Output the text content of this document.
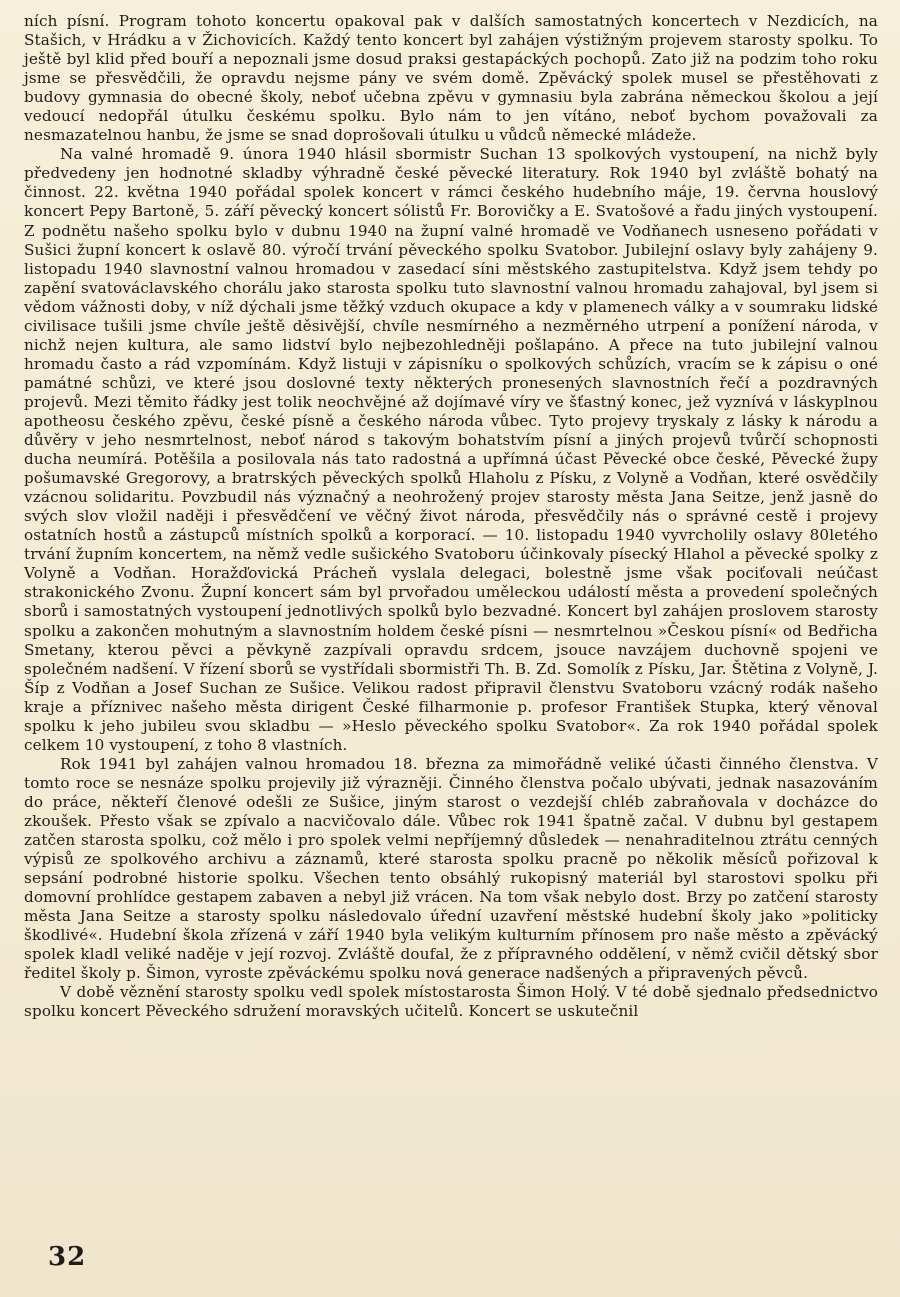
ních písní. Program tohoto koncertu opakoval pak v dalších samostatných koncertech v Nezdicích, na Stašich, v Hrádku a v Žichovicích. Každý tento koncert byl zahájen výstižným projevem starosty spolku. To ještě byl klid před bouří a nepoznali jsme dosud praksi gestapáckých pochopů. Zato již na podzim toho roku jsme se přesvědčili, že opravdu nejsme pány ve svém domě. Zpěvácký spolek musel se přestěhovati z budovy gymnasia do obecné školy, neboť učebna zpěvu v gymnasiu byla zabrána německou školou a její vedoucí nedopřál útulku českému spolku. Bylo nám to jen vítáno, neboť bychom považovali za nesmazatelnou hanbu, že jsme se snad doprošovali útulku u vůdců německé mládeže.

Na valné hromadě 9. února 1940 hlásil sbormistr Suchan 13 spolkových vystoupení, na nichž byly předvedeny jen hodnotné skladby výhradně české pěvecké literatury. Rok 1940 byl zvláště bohatý na činnost. 22. května 1940 pořádal spolek koncert v rámci českého hudebního máje, 19. června houslový koncert Pepy Bartoně, 5. září pěvecký koncert sólistů Fr. Borovičky a E. Svatošové a řadu jiných vystoupení. Z podnětu našeho spolku bylo v dubnu 1940 na župní valné hromadě ve Vodňanech usneseno pořádati v Sušici župní koncert k oslavě 80. výročí trvání pěveckého spolku Svatobor. Jubilejní oslavy byly zahájeny 9. listopadu 1940 slavnostní valnou hromadou v zasedací síni městského zastupitelstva. Když jsem tehdy po zapění svatováclavského chorálu jako starosta spolku tuto slavnostní valnou hromadu zahajoval, byl jsem si vědom vážnosti doby, v níž dýchali jsme těžký vzduch okupace a kdy v plamenech války a v soumraku lidské civilisace tušili jsme chvíle ještě děsivější, chvíle nesmírného a nezměrného utrpení a ponížení národa, v nichž nejen kultura, ale samo lidství bylo nejbezohledněji pošlapáno. A přece na tuto jubilejní valnou hromadu často a rád vzpomínám. Když listuji v zápisníku o spolkových schůzích, vracím se k zápisu o oné památné schůzi, ve které jsou doslovné texty některých pronesených slavnostních řečí a pozdravných projevů. Mezi těmito řádky jest tolik neochvějné až dojímavé víry ve šťastný konec, jež vyznívá v láskyplnou apotheosu českého zpěvu, české písně a českého národa vůbec. Tyto projevy tryskaly z lásky k národu a důvěry v jeho nesmrtelnost, neboť národ s takovým bohatstvím písní a jiných projevů tvůrčí schopnosti ducha neumírá. Potěšila a posilovala nás tato radostná a upřímná účast Pěvecké obce české, Pěvecké župy pošumavské Gregorovy, a bratrských pěveckých spolků Hlaholu z Písku, z Volyně a Vodňan, které osvědčily vzácnou solidaritu. Povzbudil nás význačný a neohrožený projev starosty města Jana Seitze, jenž jasně do svých slov vložil naději i přesvědčení ve věčný život národa, přesvědčily nás o správné cestě i projevy ostatních hostů a zástupců místních spolků a korporací. — 10. listopadu 1940 vyvrcholily oslavy 80letého trvání župním koncertem, na němž vedle sušického Svatoboru účinkovaly písecký Hlahol a pěvecké spolky z Volyně a Vodňan. Horažďovická Prácheň vyslala delegaci, bolestně jsme však pociťovali neúčast strakonického Zvonu. Župní koncert sám byl prvořadou uměleckou událostí města a provedení společných sborů i samostatných vystoupení jednotlivých spolků bylo bezvadné. Koncert byl zahájen proslovem starosty spolku a zakončen mohutným a slavnostním holdem české písni — nesmrtelnou »Českou písní« od Bedřicha Smetany, kterou pěvci a pěvkyně zazpívali opravdu srdcem, jsouce navzájem duchovně spojeni ve společném nadšení. V řízení sborů se vystřídali sbormistři Th. B. Zd. Somolík z Písku, Jar. Štětina z Volyně, J. Šíp z Vodňan a Josef Suchan ze Sušice. Velikou radost připravil členstvu Svatoboru vzácný rodák našeho kraje a příznivec našeho města dirigent České filharmonie p. profesor František Stupka, který věnoval spolku k jeho jubileu svou skladbu — »Heslo pěveckého spolku Svatobor«. Za rok 1940 pořádal spolek celkem 10 vystoupení, z toho 8 vlastních.

Rok 1941 byl zahájen valnou hromadou 18. března za mimořádně veliké účasti činného členstva. V tomto roce se nesnáze spolku projevily již výrazněji. Činného členstva počalo ubývati, jednak nasazováním do práce, někteří členové odešli ze Sušice, jiným starost o vezdejší chléb zabraňovala v docházce do zkoušek. Přesto však se zpívalo a nacvičovalo dále. Vůbec rok 1941 špatně začal. V dubnu byl gestapem zatčen starosta spolku, což mělo i pro spolek velmi nepříjemný důsledek — nenahraditelnou ztrátu cenných výpisů ze spolkového archivu a záznamů, které starosta spolku pracně po několik měsíců pořizoval k sepsání podrobné historie spolku. Všechen tento obsáhlý rukopisný materiál byl starostovi spolku při domovní prohlídce gestapem zabaven a nebyl již vrácen. Na tom však nebylo dost. Brzy po zatčení starosty města Jana Seitze a starosty spolku následovalo úřední uzavření městské hudební školy jako »politicky škodlivé«. Hudební škola zřízená v září 1940 byla velikým kulturním přínosem pro naše město a zpěvácký spolek kladl veliké naděje v její rozvoj. Zvláště doufal, že z přípravného oddělení, v němž cvičil dětský sbor ředitel školy p. Šimon, vyroste zpěváckému spolku nová generace nadšených a připravených pěvců.

V době věznění starosty spolku vedl spolek místostarosta Šimon Holý. V té době sjednalo předsednictvo spolku koncert Pěveckého sdružení moravských učitelů. Koncert se uskutečnil

32
